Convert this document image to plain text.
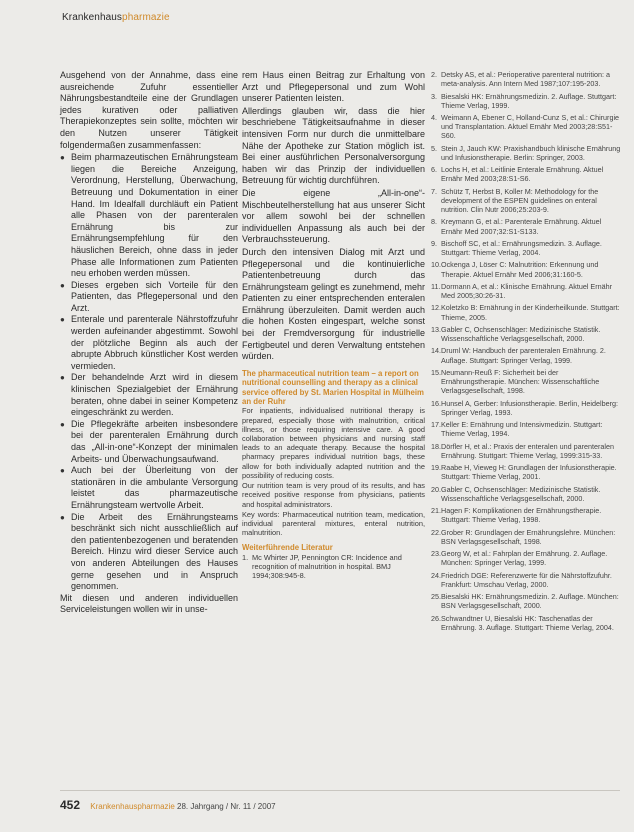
Krankenhauspharmazie

Ausgehend von der Annahme, dass eine ausreichende Zufuhr essentieller Nährungsbestandteile eine der Grundlagen jedes kurativen oder palliativen Therapiekonzeptes sein sollte, möchten wir den Nutzen unserer Tätigkeit folgendermaßen zusammenfassen:

● Beim pharmazeutischen Ernährungsteam liegen die Bereiche Anzeigung, Verordnung, Herstellung, Überwachung, Betreuung und Dokumentation in einer Hand. Im Idealfall durchläuft ein Patient alle Phasen von der parenteralen Ernährung bis zur Ernährungsempfehlung für den häuslichen Bereich, ohne dass in jeder Phase alle Informationen zum Patienten neu erhoben werden müssen.
● Dieses ergeben sich Vorteile für den Patienten, das Pflegepersonal und den Arzt.
● Enterale und parenterale Nährstoffzufuhr werden aufeinander abgestimmt. Sowohl der plötzliche Beginn als auch der abrupte Abbruch künstlicher Kost werden vermieden.
● Der behandelnde Arzt wird in diesem klinischen Spezialgebiet der Ernährung beraten, ohne dabei in seiner Kompetenz eingeschränkt zu werden.
● Die Pflegekräfte arbeiten insbesondere bei der parenteralen Ernährung durch das „All-in-one“-Konzept der minimalen Arbeits- und Überwachungsaufwand.
● Auch bei der Überleitung von der stationären in die ambulante Versorgung leistet das pharmazeutische Ernährungsteam wertvolle Arbeit.
● Die Arbeit des Ernährungsteams beschränkt sich nicht ausschließlich auf den patientenbezogenen und beratenden Bereich. Hinzu wird dieser Service auch von anderen Abteilungen des Hauses gerne gesehen und in Anspruch genommen.

Mit diesen und anderen individuellen Serviceleistungen wollen wir in unse-

rem Haus einen Beitrag zur Erhaltung von Arzt und Pflegepersonal und zum Wohl unserer Patienten leisten.

Allerdings glauben wir, dass die hier beschriebene Tätigkeitsaufnahme in dieser intensiven Form nur durch die unmittelbare Nähe der Apotheke zur Station möglich ist. Bei einer ausführlichen Personalversorgung haben wir das Prinzip der individuellen Betreuung für wichtig durchführen.

Die eigene „All-in-one“-Mischbeutelherstellung hat aus unserer Sicht vor allem sowohl bei der schnellen individuellen Anpassung als auch bei der Verbrauchssteuerung.

Durch den intensiven Dialog mit Arzt und Pflegepersonal und die kontinuierliche Patientenbetreuung durch das Ernährungsteam gelingt es zunehmend, mehr Patienten zu einer entsprechenden enteralen Ernährung überzuleiten. Damit werden auch die hohen Kosten eingespart, welche sonst bei der Fremdversorgung für industrielle Fertigbeutel und deren Verwaltung entstehen würden.

The pharmaceutical nutrition team – a report on nutritional counselling and therapy as a clinical service offered by St. Marien Hospital in Mülheim an der Ruhr

For inpatients, individualised nutritional therapy is prepared, especially those with malnutrition, critical illness, or those requiring intensive care. A good collaboration between physicians and nursing staff leads to an adequate therapy. Because the hospital pharmacy prepares individual nutrition bags, these allow for both individually adapted nutrition and the possibility of reducing costs.

Our nutrition team is very proud of its results, and has received positive response from physicians, patients and hospital administrators.

Key words: Pharmaceutical nutrition team, medication, individual parenteral mixtures, enteral nutrition, malnutrition.

Weiterführende Literatur
1. Mc Whirter JP, Pennington CR: Incidence and recognition of malnutrition in hospital. BMJ 1994;308:945-8.
2. Detsky AS, et al.: Perioperative parenteral nutrition: a meta-analysis. Ann Intern Med 1987;107:195-203.
3. Biesalski HK: Ernährungsmedizin. 2. Auflage. Stuttgart: Thieme Verlag, 1999.
4. Weimann A, Ebener C, Holland-Cunz S, et al.: Chirurgie und Transplantation. Aktuel Ernähr Med 2003;28:S51-S60.
5. Stein J, Jauch KW: Praxishandbuch klinische Ernährung und Infusionstherapie. Berlin: Springer, 2003.
6. Lochs H, et al.: Leitlinie Enterale Ernährung. Aktuel Ernähr Med 2003;28:S1-S6.
7. Schütz T, Herbst B, Koller M: Methodology for the development of the ESPEN guidelines on enteral nutrition. Clin Nutr 2006;25:203-9.
8. Kreymann G, et al.: Parenterale Ernährung. Aktuel Ernähr Med 2007;32:S1-S133.
9. Bischoff SC, et al.: Ernährungsmedizin. 3. Auflage. Stuttgart: Thieme Verlag, 2004.
10. Ockenga J, Löser C: Malnutrition: Erkennung und Therapie. Aktuel Ernähr Med 2006;31:160-5.
11. Dormann A, et al.: Klinische Ernährung. Aktuel Ernähr Med 2005;30:26-31.
12. Koletzko B: Ernährung in der Kinderheilkunde. Stuttgart: Thieme, 2005.
13. Gabler C, Ochsenschläger: Medizinische Statistik. Wissenschaftliche Verlagsgesellschaft, 2000.
14. Druml W: Handbuch der parenteralen Ernährung. 2. Auflage. Stuttgart: Springer Verlag, 1999.
15. Neumann-Reuß F: Sicherheit bei der Ernährungstherapie. München: Wissenschaftliche Verlagsgesellschaft, 1998.
16. Hunsel A, Gerber: Infusionstherapie. Berlin, Heidelberg: Springer Verlag, 1993.
17. Keller E: Ernährung und Intensivmedizin. Stuttgart: Thieme Verlag, 1994.
18. Dörfler H, et al.: Praxis der enteralen und parenteralen Ernährung. Stuttgart: Thieme Verlag, 1999:315-33.
19. Raabe H, Vieweg H: Grundlagen der Infusionstherapie. Stuttgart: Thieme Verlag, 2001.
20. Gabler C, Ochsenschläger: Medizinische Statistik. Wissenschaftliche Verlagsgesellschaft, 2000.
21. Hagen F: Komplikationen der Ernährungstherapie. Stuttgart: Thieme Verlag, 1998.
22. Grober R: Grundlagen der Ernährungslehre. München: BSN Verlagsgesellschaft, 1998.
23. Georg W, et al.: Fahrplan der Ernährung. 2. Auflage. München: Springer Verlag, 1999.
24. Friedrich DGE: Referenzwerte für die Nährstoffzufuhr. Frankfurt: Umschau Verlag, 2000.
25. Biesalski HK: Ernährungsmedizin. 2. Auflage. München: BSN Verlagsgesellschaft, 2000.
26. Schwandtner U, Biesalski HK: Taschenatlas der Ernährung. 3. Auflage. Stuttgart: Thieme Verlag, 2004.
452 Krankenhauspharmazie 28. Jahrgang / Nr. 11 / 2007
